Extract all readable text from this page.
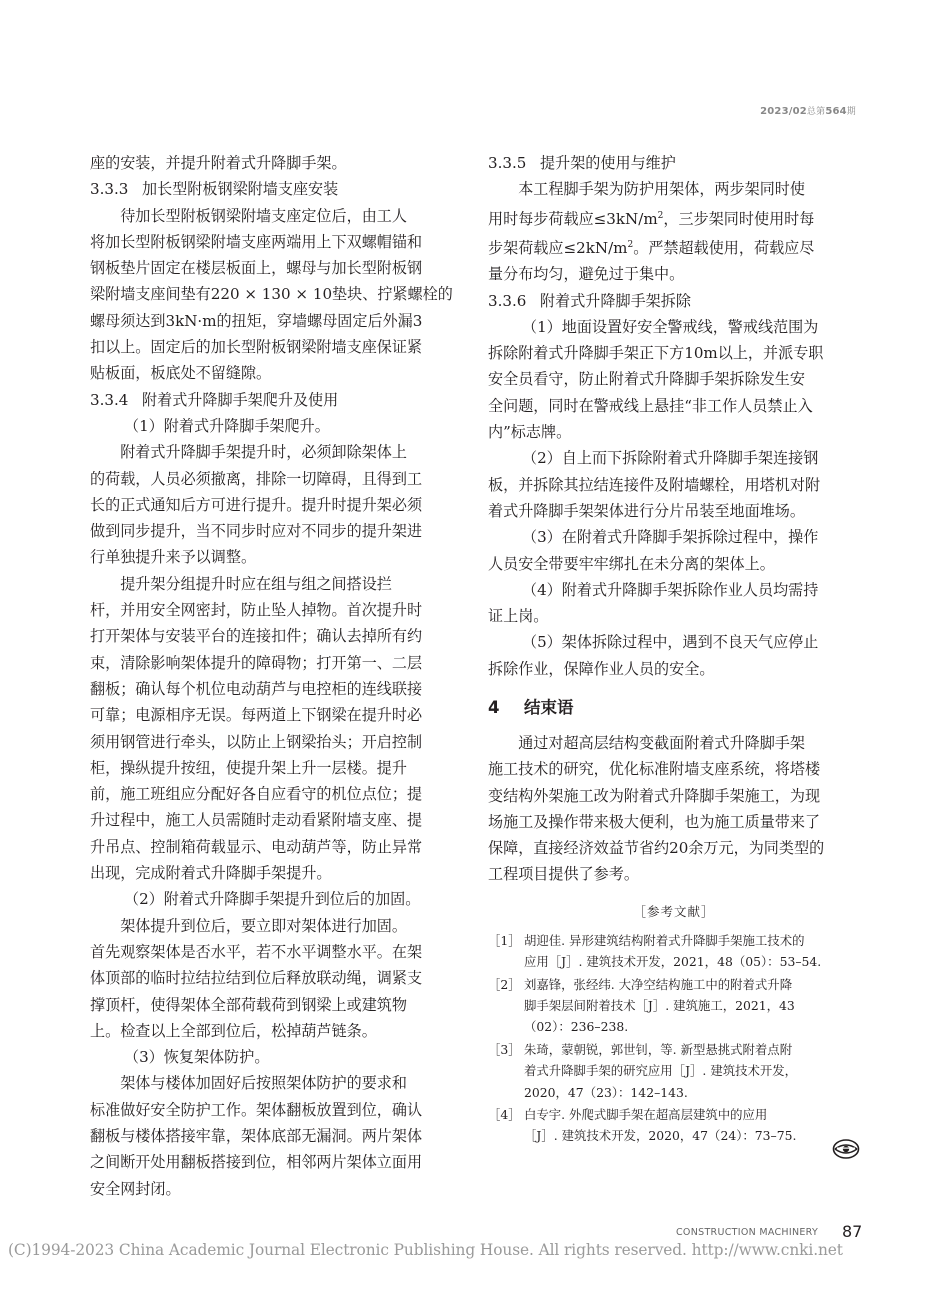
2023/02总第564期

座的安装，并提升附着式升降脚手架。

3.3.3 加长型附板钢梁附墙支座安装

待加长型附板钢梁附墙支座定位后，由工人

将加长型附板钢梁附墙支座两端用上下双螺帽锚和

钢板垫片固定在楼层板面上，螺母与加长型附板钢

梁附墙支座间垫有220 × 130 × 10垫块、拧紧螺栓的

螺母须达到3kN·m的扭矩，穿墙螺母固定后外漏3

扣以上。固定后的加长型附板钢梁附墙支座保证紧

贴板面，板底处不留缝隙。

3.3.4 附着式升降脚手架爬升及使用

（1）附着式升降脚手架爬升。

附着式升降脚手架提升时，必须卸除架体上

的荷载，人员必须撤离，排除一切障碍，且得到工

长的正式通知后方可进行提升。提升时提升架必须

做到同步提升，当不同步时应对不同步的提升架进

行单独提升来予以调整。

提升架分组提升时应在组与组之间搭设拦

杆，并用安全网密封，防止坠人掉物。首次提升时

打开架体与安装平台的连接扣件；确认去掉所有约

束，清除影响架体提升的障碍物；打开第一、二层

翻板；确认每个机位电动葫芦与电控柜的连线联接

可靠；电源相序无误。每两道上下钢梁在提升时必

须用钢管进行牵头，以防止上钢梁抬头；开启控制

柜，操纵提升按纽，使提升架上升一层楼。提升

前，施工班组应分配好各自应看守的机位点位；提

升过程中，施工人员需随时走动看紧附墙支座、提

升吊点、控制箱荷载显示、电动葫芦等，防止异常

出现，完成附着式升降脚手架提升。

（2）附着式升降脚手架提升到位后的加固。

架体提升到位后，要立即对架体进行加固。

首先观察架体是否水平，若不水平调整水平。在架

体顶部的临时拉结拉结到位后释放联动绳，调紧支

撑顶杆，使得架体全部荷载荷到钢梁上或建筑物

上。检查以上全部到位后，松掉葫芦链条。

（3）恢复架体防护。

架体与楼体加固好后按照架体防护的要求和

标准做好安全防护工作。架体翻板放置到位，确认

翻板与楼体搭接牢靠，架体底部无漏洞。两片架体

之间断开处用翻板搭接到位，相邻两片架体立面用

安全网封闭。

3.3.5 提升架的使用与维护

本工程脚手架为防护用架体，两步架同时使

用时每步荷载应$\le 3kN/m^2$，三步架同时使用时每

步架荷载应$\le 2kN/m^2$。严禁超载使用，荷载应尽

量分布均匀，避免过于集中。

3.3.6 附着式升降脚手架拆除

（1）地面设置好安全警戒线，警戒线范围为

拆除附着式升降脚手架正下方10m以上，并派专职

安全员看守，防止附着式升降脚手架拆除发生安

全问题，同时在警戒线上悬挂“非工作人员禁止入

内”标志牌。

（2）自上而下拆除附着式升降脚手架连接钢

板，并拆除其拉结连接件及附墙螺栓，用塔机对附

着式升降脚手架架体进行分片吊装至地面堆场。

（3）在附着式升降脚手架拆除过程中，操作

人员安全带要牢牢绑扎在未分离的架体上。

（4）附着式升降脚手架拆除作业人员均需持

证上岗。

（5）架体拆除过程中，遇到不良天气应停止

拆除作业，保障作业人员的安全。

4 结束语

通过对超高层结构变截面附着式升降脚手架

施工技术的研究，优化标准附墙支座系统，将塔楼

变结构外架施工改为附着式升降脚手架施工，为现

场施工及操作带来极大便利，也为施工质量带来了

保障，直接经济效益节省约20余万元，为同类型的

工程项目提供了参考。

［参考文献］
［1］ 胡迎佳. 异形建筑结构附着式升降脚手架施工技术的
应用［J］. 建筑技术开发，2021，48（05）：53–54.
［2］ 刘嘉锋，张经纬. 大净空结构施工中的附着式升降
脚手架层间附着技术［J］. 建筑施工，2021，43
（02）：236–238.
［3］ 朱琦，蒙朝锐，郭世钊，等. 新型悬挑式附着点附
着式升降脚手架的研究应用［J］. 建筑技术开发，
2020，47（23）：142–143.
［4］ 白专宇. 外爬式脚手架在超高层建筑中的应用
［J］. 建筑技术开发，2020，47（24）：73–75.
CONSTRUCTION MACHINERY 87
(C)1994-2023 China Academic Journal Electronic Publishing House. All rights reserved. http://www.cnki.net
